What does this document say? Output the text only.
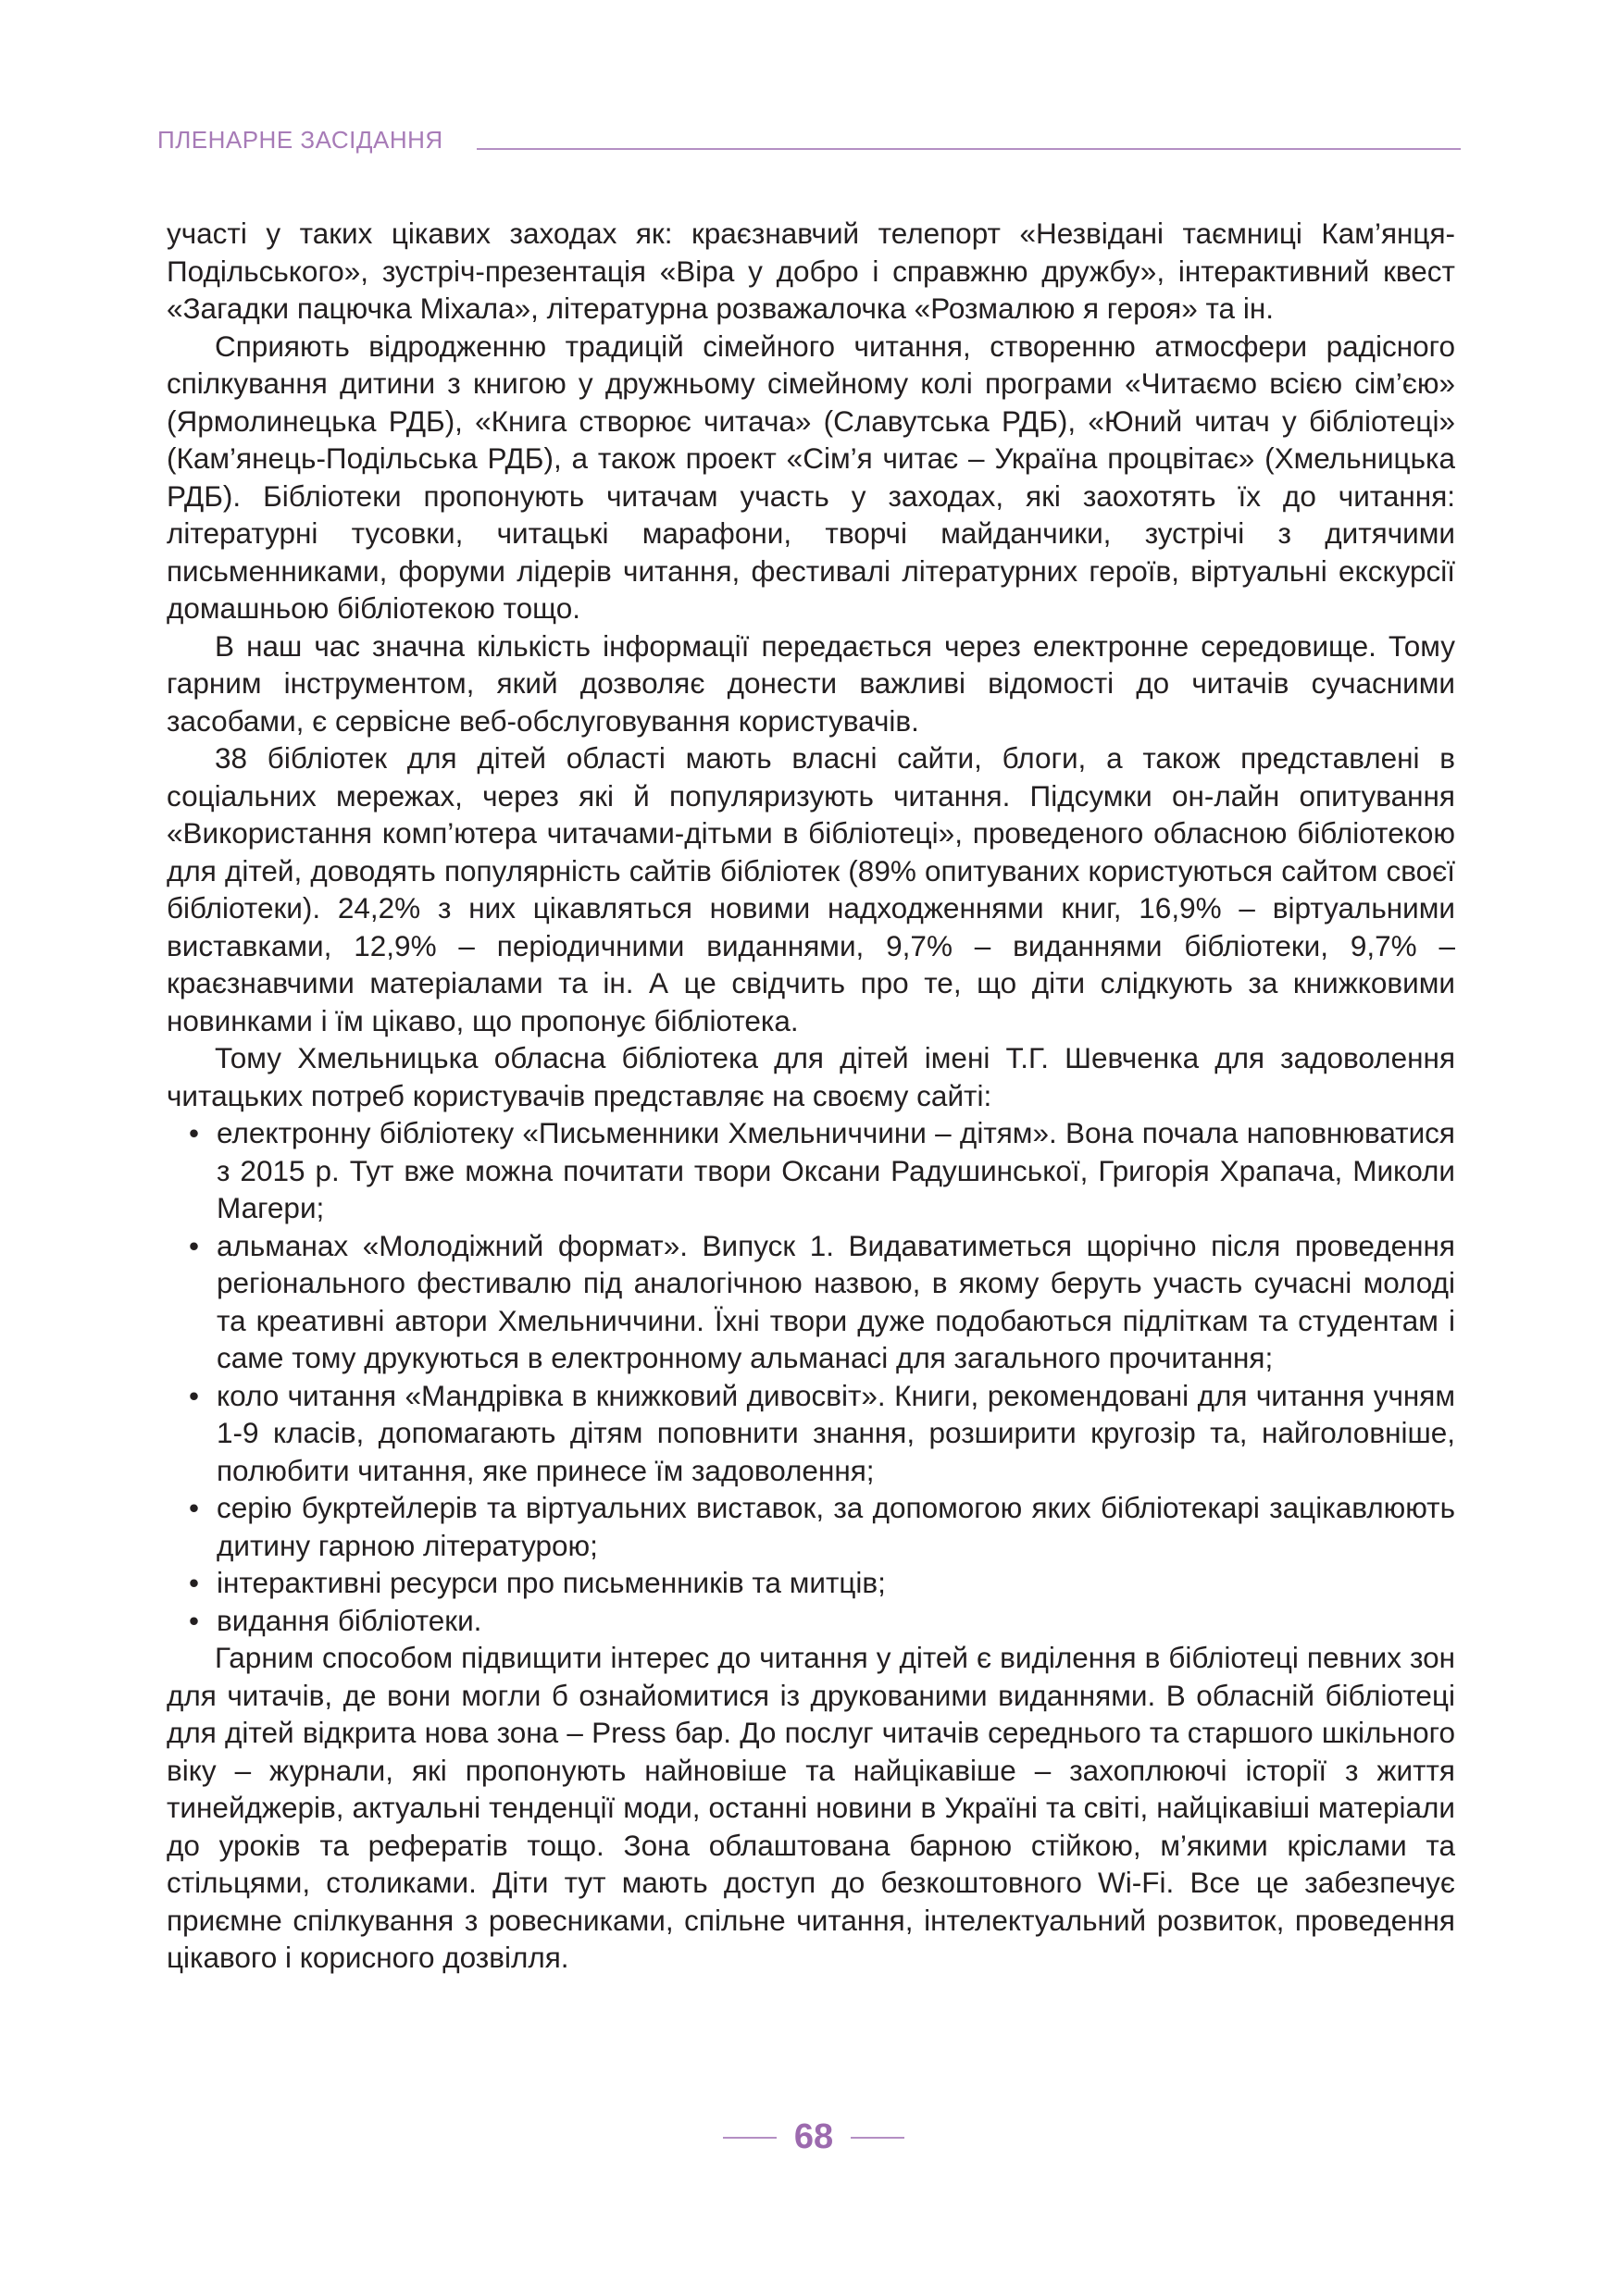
ПЛЕНАРНЕ ЗАСІДАННЯ

участі у таких цікавих заходах як: краєзнавчий телепорт «Незвідані таємниці Кам’янця-Подільського», зустріч-презентація «Віра у добро і справжню дружбу», інтерактивний квест «Загадки пацючка Міхала», літературна розважалочка «Розмалюю я героя» та ін.

Сприяють відродженню традицій сімейного читання, створенню атмосфери радісного спілкування дитини з книгою у дружньому сімейному колі програми «Читаємо всією сім’єю» (Ярмолинецька РДБ), «Книга створює читача» (Славутська РДБ), «Юний читач у бібліотеці» (Кам’янець-Подільська РДБ), а також проект «Сім’я читає – Україна процвітає» (Хмельницька РДБ). Бібліотеки пропонують читачам участь у заходах, які заохотять їх до читання: літературні тусовки, читацькі марафони, творчі майданчики, зустрічі з дитячими письменниками, форуми лідерів читання, фестивалі літературних героїв, віртуальні екскурсії домашньою бібліотекою тощо.

В наш час значна кількість інформації передається через електронне середовище. Тому гарним інструментом, який дозволяє донести важливі відомості до читачів сучасними засобами, є сервісне веб-обслуговування користувачів.

38 бібліотек для дітей області мають власні сайти, блоги, а також представлені в соціальних мережах, через які й популяризують читання. Підсумки он-лайн опитування «Використання комп’ютера читачами-дітьми в бібліотеці», проведеного обласною бібліотекою для дітей, доводять популярність сайтів бібліотек (89% опитуваних користуються сайтом своєї бібліотеки). 24,2% з них цікавляться новими надходженнями книг, 16,9% – віртуальними виставками, 12,9% – періодичними виданнями, 9,7% – виданнями бібліотеки, 9,7% – краєзнавчими матеріалами та ін. А це свідчить про те, що діти слідкують за книжковими новинками і їм цікаво, що пропонує бібліотека.

Тому Хмельницька обласна бібліотека для дітей імені Т.Г. Шевченка для задоволення читацьких потреб користувачів представляє на своєму сайті:

• електронну бібліотеку «Письменники Хмельниччини – дітям». Вона почала наповнюватися з 2015 р. Тут вже можна почитати твори Оксани Радушинської, Григорія Храпача, Миколи Магери;
• альманах «Молодіжний формат». Випуск 1. Видаватиметься щорічно після проведення регіонального фестивалю під аналогічною назвою, в якому беруть участь сучасні молоді та креативні автори Хмельниччини. Їхні твори дуже подобаються підліткам та студентам і саме тому друкуються в електронному альманасі для загального прочитання;
• коло читання «Мандрівка в книжковий дивосвіт». Книги, рекомендовані для читання учням 1-9 класів, допомагають дітям поповнити знання, розширити кругозір та, найголовніше, полюбити читання, яке принесе їм задоволення;
• серію букртейлерів та віртуальних виставок, за допомогою яких бібліотекарі зацікавлюють дитину гарною літературою;
• інтерактивні ресурси про письменників та митців;
• видання бібліотеки.

Гарним способом підвищити інтерес до читання у дітей є виділення в бібліотеці певних зон для читачів, де вони могли б ознайомитися із друкованими виданнями. В обласній бібліотеці для дітей відкрита нова зона – Press бар. До послуг читачів середнього та старшого шкільного віку – журнали, які пропонують найновіше та найцікавіше – захоплюючі історії з життя тинейджерів, актуальні тенденції моди, останні новини в Україні та світі, найцікавіші матеріали до уроків та рефератів тощо. Зона облаштована барною стійкою, м’якими кріслами та стільцями, столиками. Діти тут мають доступ до безкоштовного Wi-Fi. Все це забезпечує приємне спілкування з ровесниками, спільне читання, інтелектуальний розвиток, проведення цікавого і корисного дозвілля.

68
